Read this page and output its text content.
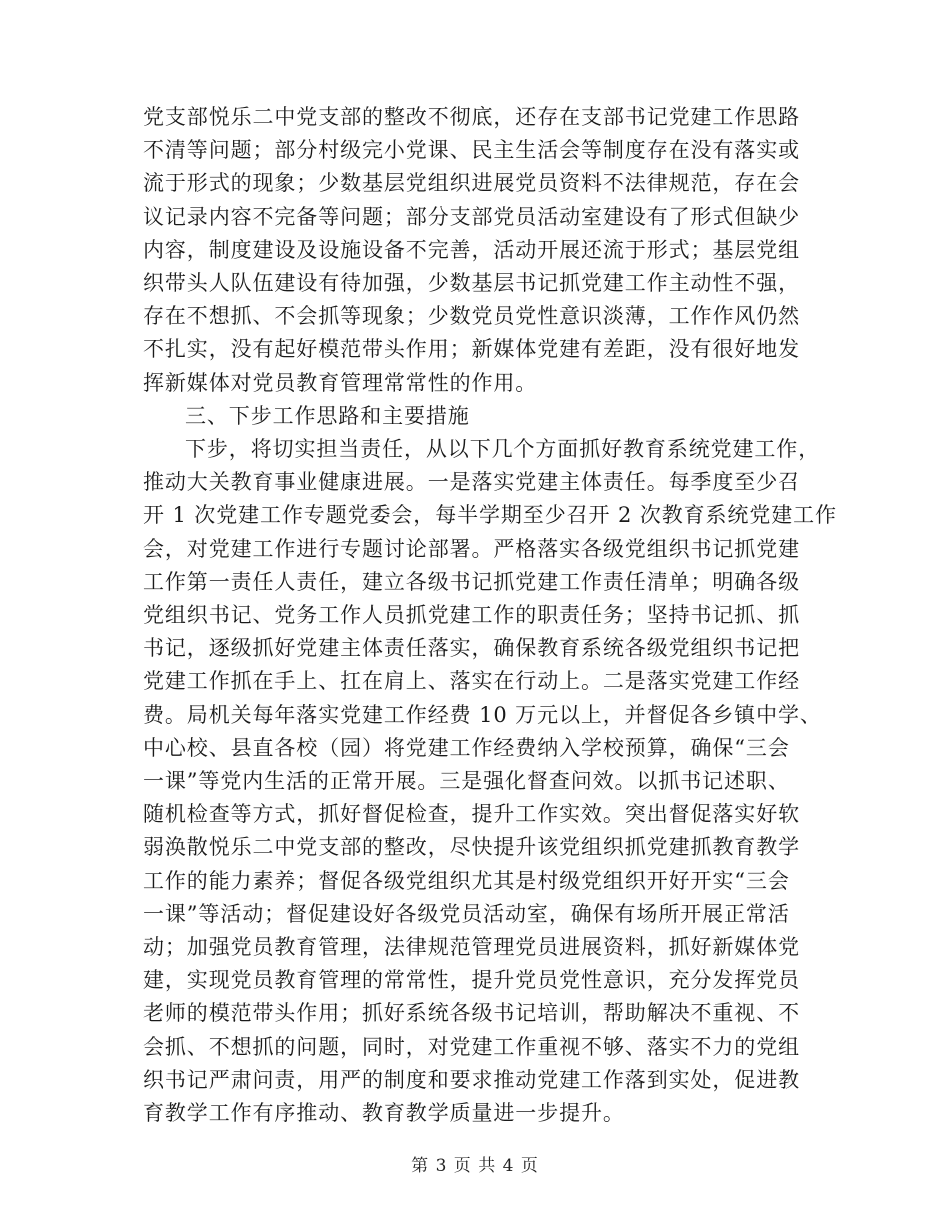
党支部悦乐二中党支部的整改不彻底，还存在支部书记党建工作思路
不清等问题；部分村级完小党课、民主生活会等制度存在没有落实或
流于形式的现象；少数基层党组织进展党员资料不法律规范，存在会
议记录内容不完备等问题；部分支部党员活动室建设有了形式但缺少
内容，制度建设及设施设备不完善，活动开展还流于形式；基层党组
织带头人队伍建设有待加强，少数基层书记抓党建工作主动性不强，
存在不想抓、不会抓等现象；少数党员党性意识淡薄，工作作风仍然
不扎实，没有起好模范带头作用；新媒体党建有差距，没有很好地发
挥新媒体对党员教育管理常常性的作用。
三、下步工作思路和主要措施
下步，将切实担当责任，从以下几个方面抓好教育系统党建工作，
推动大关教育事业健康进展。一是落实党建主体责任。每季度至少召
开 1 次党建工作专题党委会，每半学期至少召开 2 次教育系统党建工作
会，对党建工作进行专题讨论部署。严格落实各级党组织书记抓党建
工作第一责任人责任，建立各级书记抓党建工作责任清单；明确各级
党组织书记、党务工作人员抓党建工作的职责任务；坚持书记抓、抓
书记，逐级抓好党建主体责任落实，确保教育系统各级党组织书记把
党建工作抓在手上、扛在肩上、落实在行动上。二是落实党建工作经
费。局机关每年落实党建工作经费 10 万元以上，并督促各乡镇中学、
中心校、县直各校（园）将党建工作经费纳入学校预算，确保“三会
一课”等党内生活的正常开展。三是强化督查问效。以抓书记述职、
随机检查等方式，抓好督促检查，提升工作实效。突出督促落实好软
弱涣散悦乐二中党支部的整改，尽快提升该党组织抓党建抓教育教学
工作的能力素养；督促各级党组织尤其是村级党组织开好开实“三会
一课”等活动；督促建设好各级党员活动室，确保有场所开展正常活
动；加强党员教育管理，法律规范管理党员进展资料，抓好新媒体党
建，实现党员教育管理的常常性，提升党员党性意识，充分发挥党员
老师的模范带头作用；抓好系统各级书记培训，帮助解决不重视、不
会抓、不想抓的问题，同时，对党建工作重视不够、落实不力的党组
织书记严肃问责，用严的制度和要求推动党建工作落到实处，促进教
育教学工作有序推动、教育教学质量进一步提升。
第 3 页 共 4 页
